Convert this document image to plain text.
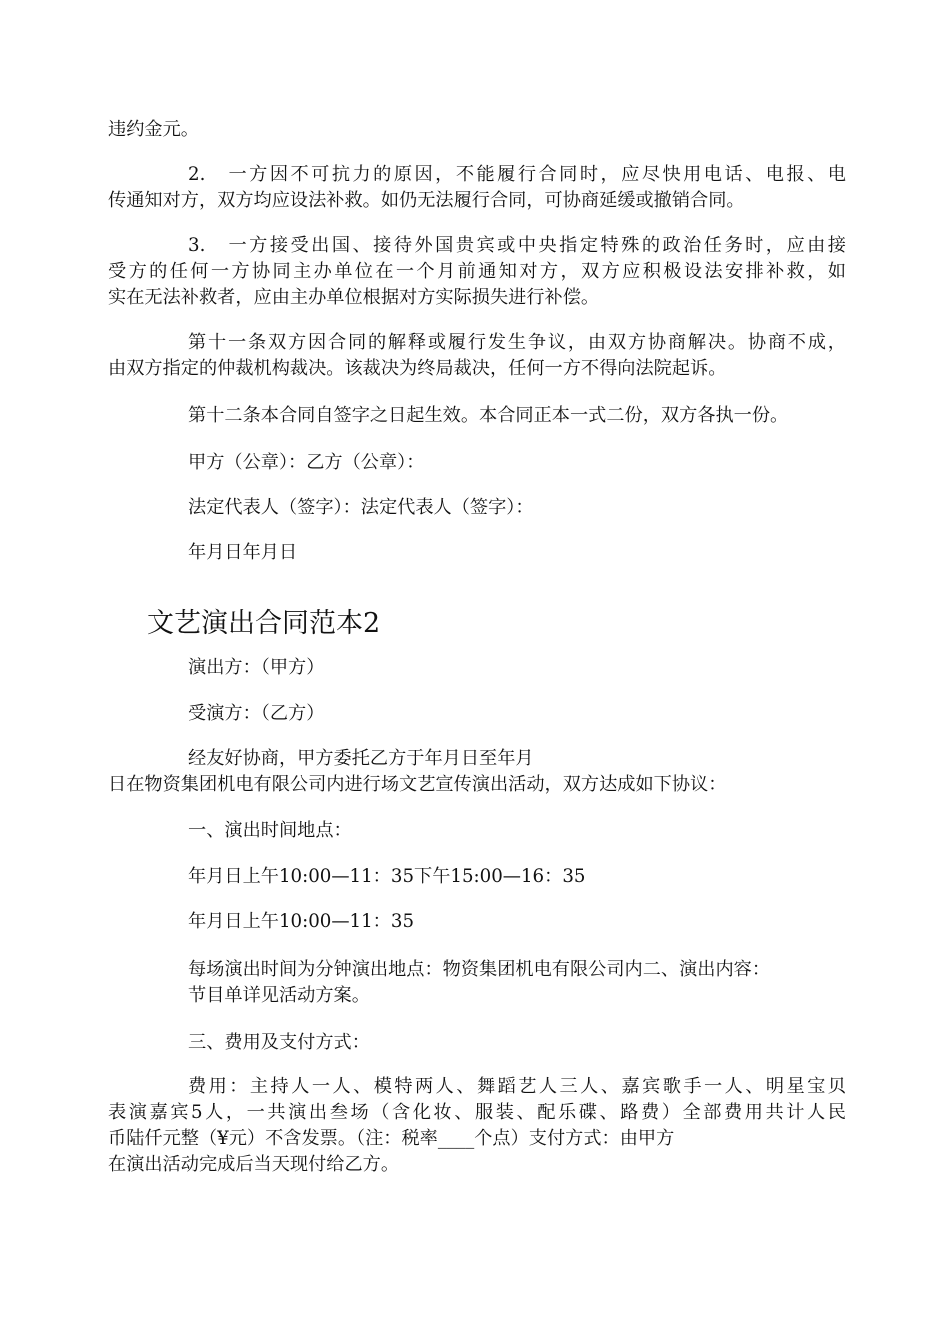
违约金元。
2.　一方因不可抗力的原因，不能履行合同时，应尽快用电话、电报、电
传通知对方，双方均应设法补救。如仍无法履行合同，可协商延缓或撤销合同。
3.　一方接受出国、接待外国贵宾或中央指定特殊的政治任务时，应由接
受方的任何一方协同主办单位在一个月前通知对方，双方应积极设法安排补救，如
实在无法补救者，应由主办单位根据对方实际损失进行补偿。
第十一条双方因合同的解释或履行发生争议，由双方协商解决。协商不成，
由双方指定的仲裁机构裁决。该裁决为终局裁决，任何一方不得向法院起诉。
第十二条本合同自签字之日起生效。本合同正本一式二份，双方各执一份。
甲方（公章）：乙方（公章）：
法定代表人（签字）：法定代表人（签字）：
年月日年月日
文艺演出合同范本2
演出方：（甲方）
受演方：（乙方）
经友好协商，甲方委托乙方于年月日至年月
日在物资集团机电有限公司内进行场文艺宣传演出活动，双方达成如下协议：
一、演出时间地点：
年月日上午10:00—11：35下午15:00—16：35
年月日上午10:00—11：35
每场演出时间为分钟演出地点：物资集团机电有限公司内二、演出内容：
节目单详见活动方案。
三、费用及支付方式：
费用：主持人一人、模特两人、舞蹈艺人三人、嘉宾歌手一人、明星宝贝
表演嘉宾5人，一共演出叁场（含化妆、服装、配乐碟、路费）全部费用共计人民
币陆仟元整（¥元）不含发票。（注：税率____个点）支付方式：由甲方
在演出活动完成后当天现付给乙方。
